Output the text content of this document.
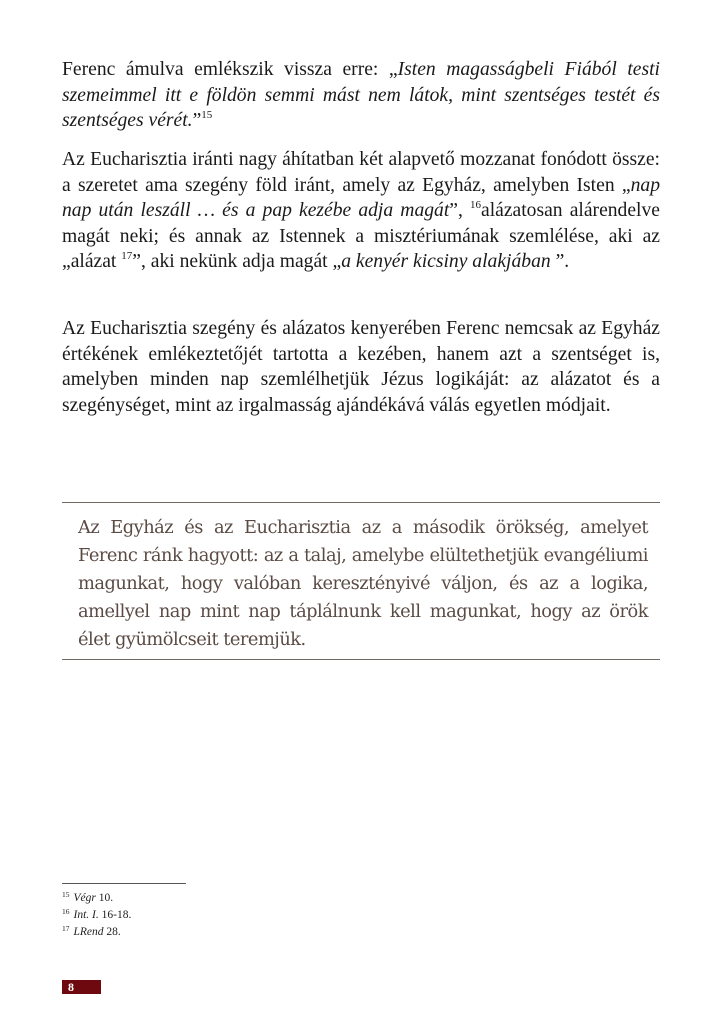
Ferenc ámulva emlékszik vissza erre: „Isten magasságbeli Fiából testi szemeimmel itt e földön semmi mást nem látok, mint szentséges testét és szentséges vérét.”$^{15}$

Az Eucharisztia iránti nagy áhítatban két alapvető mozzanat fonódott össze: a szeretet ama szegény föld iránt, amely az Egyház, amelyben Isten „nap nap után leszáll … és a pap kezébe adja magát”, $^{16}$alázatosan alárendelve magát neki; és annak az Istennek a misztériumának szemlélése, aki az „alázat $^{17}$”, aki nekünk adja magát „a kenyér kicsiny alakjában ”.

Az Eucharisztia szegény és alázatos kenyerében Ferenc nemcsak az Egyház értékének emlékeztetőjét tartotta a kezében, hanem azt a szentséget is, amelyben minden nap szemlélhetjük Jézus logikáját: az alázatot és a szegénységet, mint az irgalmasság ajándékává válás egyetlen módjait.

Az Egyház és az Eucharisztia az a második örökség, amelyet Ferenc ránk hagyott: az a talaj, amelybe elültethetjük evangéliumi magunkat, hogy valóban keresztényivé váljon, és az a logika, amellyel nap mint nap táplálnunk kell magunkat, hogy az örök élet gyümölcseit teremjük.

$^{15}$ Végr 10.
$^{16}$ Int. I. 16-18.
$^{17}$ LRend 28.
8
